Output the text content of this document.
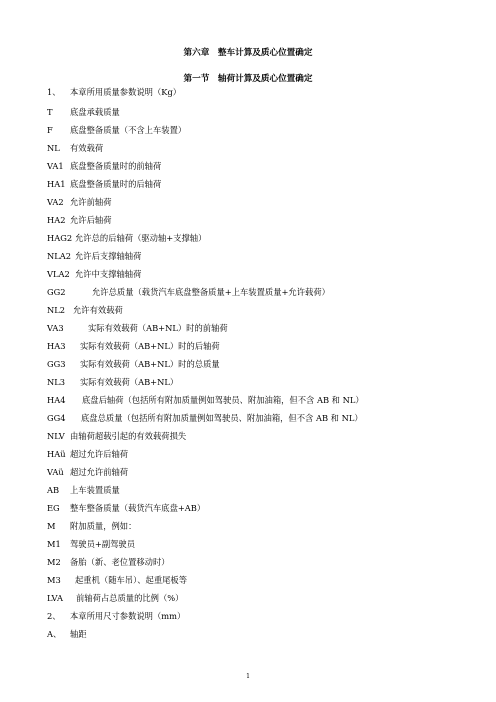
第六章　整车计算及质心位置确定
第一节　轴荷计算及质心位置确定
1、 本章所用质量参数说明（Kg）
T 底盘承载质量
F 底盘整备质量（不含上车装置）
NL 有效载荷
VA1 底盘整备质量时的前轴荷
HA1 底盘整备质量时的后轴荷
VA2 允许前轴荷
HA2 允许后轴荷
HAG2 允许总的后轴荷（驱动轴+支撑轴）
NLA2 允许后支撑轴轴荷
VLA2 允许中支撑轴轴荷
GG2	允许总质量（载货汽车底盘整备质量+上车装置质量+允许载荷）
NL2 允许有效载荷
VA3	实际有效载荷（AB+NL）时的前轴荷
HA3 实际有效载荷（AB+NL）时的后轴荷
GG3 实际有效载荷（AB+NL）时的总质量
NL3 实际有效载荷（AB+NL）
HA4 底盘后轴荷（包括所有附加质量例如驾驶员、附加油箱，但不含 AB 和 NL）
GG4 底盘总质量（包括所有附加质量例如驾驶员、附加油箱，但不含 AB 和 NL）
NLV 由轴荷超载引起的有效载荷损失
HAü 超过允许后轴荷
VAü 超过允许前轴荷
AB 上车装置质量
EG 整车整备质量（载货汽车底盘+AB）
M 附加质量，例如：
M1 驾驶员+副驾驶员
M2 备胎（新、老位置移动时）
M3 起重机（随车吊）、起重尾板等
LVA 前轴荷占总质量的比例（%）
2、 本章所用尺寸参数说明（mm）
A、 轴距
1
